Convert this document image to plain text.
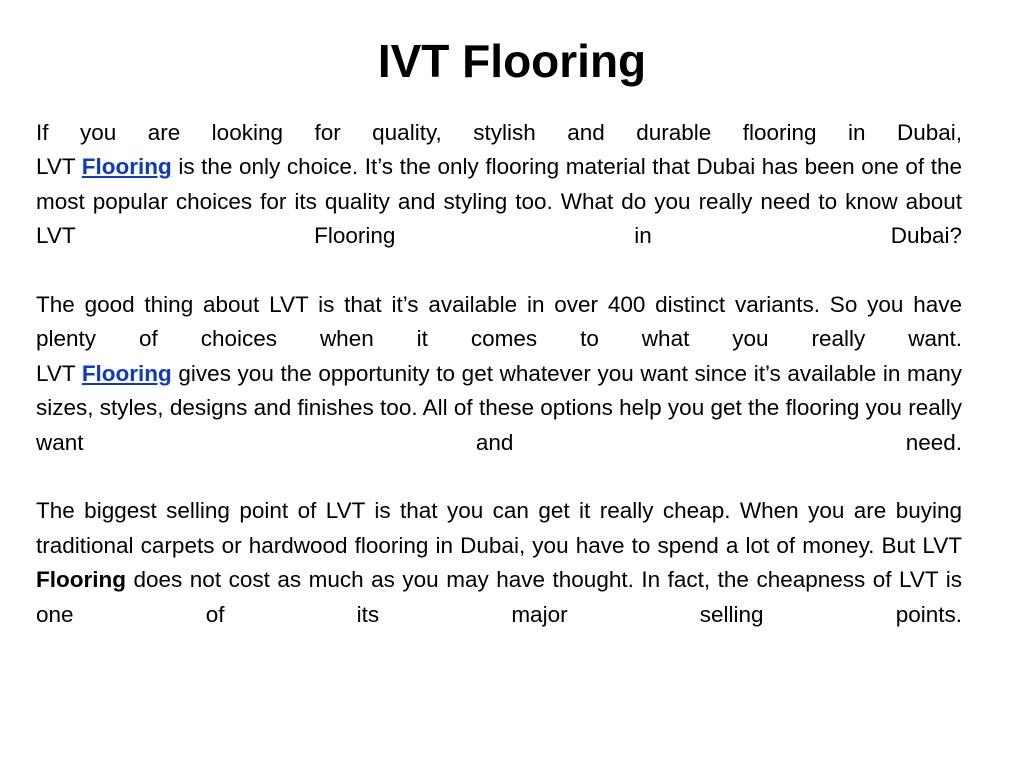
IVT Flooring

If you are looking for quality, stylish and durable flooring in Dubai,
LVT Flooring is the only choice. It’s the only flooring material that Dubai has been one of the most popular choices for its quality and styling too. What do you really need to know about LVT Flooring in Dubai?

The good thing about LVT is that it’s available in over 400 distinct variants. So you have plenty of choices when it comes to what you really want.
LVT Flooring gives you the opportunity to get whatever you want since it’s available in many sizes, styles, designs and finishes too. All of these options help you get the flooring you really want and need.

The biggest selling point of LVT is that you can get it really cheap. When you are buying traditional carpets or hardwood flooring in Dubai, you have to spend a lot of money. But LVT Flooring does not cost as much as you may have thought. In fact, the cheapness of LVT is one of its major selling points.
